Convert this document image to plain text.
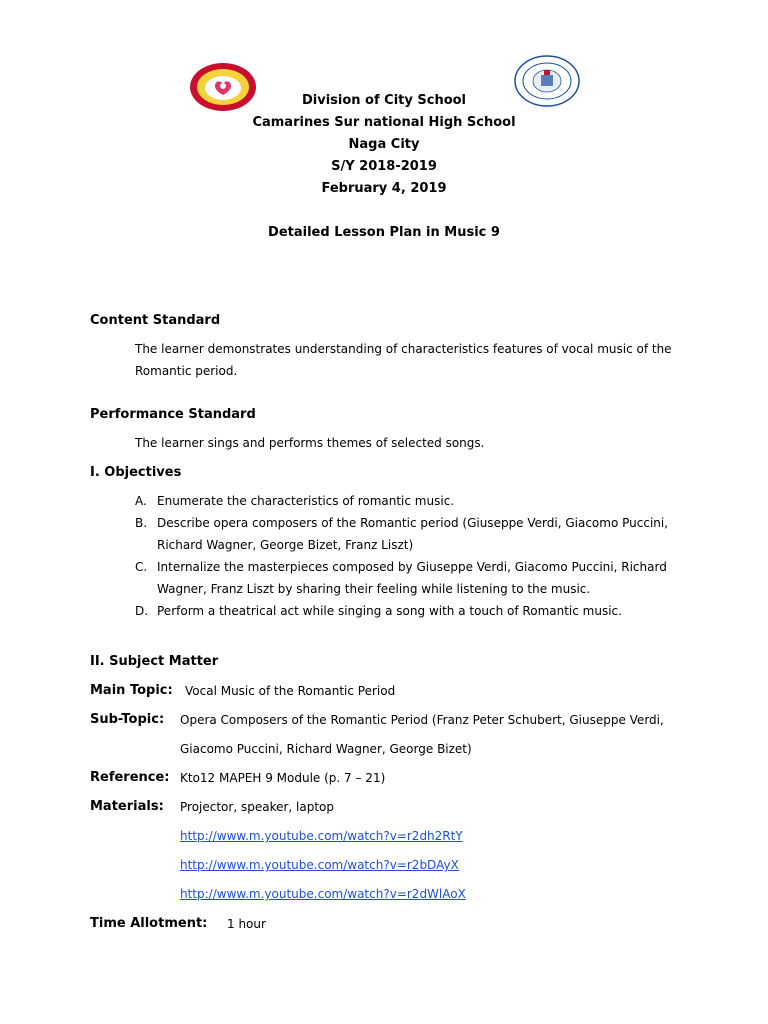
Division of City School
Camarines Sur national High School
Naga City
S/Y 2018-2019
February 4, 2019
Detailed Lesson Plan in Music 9
Content Standard
The learner demonstrates understanding of characteristics features of vocal music of the
Romantic period.
Performance Standard
The learner sings and performs themes of selected songs.
I. Objectives
A. Enumerate the characteristics of romantic music.
B. Describe opera composers of the Romantic period (Giuseppe Verdi, Giacomo Puccini,
Richard Wagner, George Bizet, Franz Liszt)
C. Internalize the masterpieces composed by Giuseppe Verdi, Giacomo Puccini, Richard
Wagner, Franz Liszt by sharing their feeling while listening to the music.
D. Perform a theatrical act while singing a song with a touch of Romantic music.
II. Subject Matter
Main Topic: Vocal Music of the Romantic Period
Sub-Topic: Opera Composers of the Romantic Period (Franz Peter Schubert, Giuseppe Verdi,
Giacomo Puccini, Richard Wagner, George Bizet)
Reference: Kto12 MAPEH 9 Module (p. 7 – 21)
Materials: Projector, speaker, laptop
http://www.m.youtube.com/watch?v=r2dh2RtY
http://www.m.youtube.com/watch?v=r2bDAyX
http://www.m.youtube.com/watch?v=r2dWlAoX
Time Allotment: 1 hour
